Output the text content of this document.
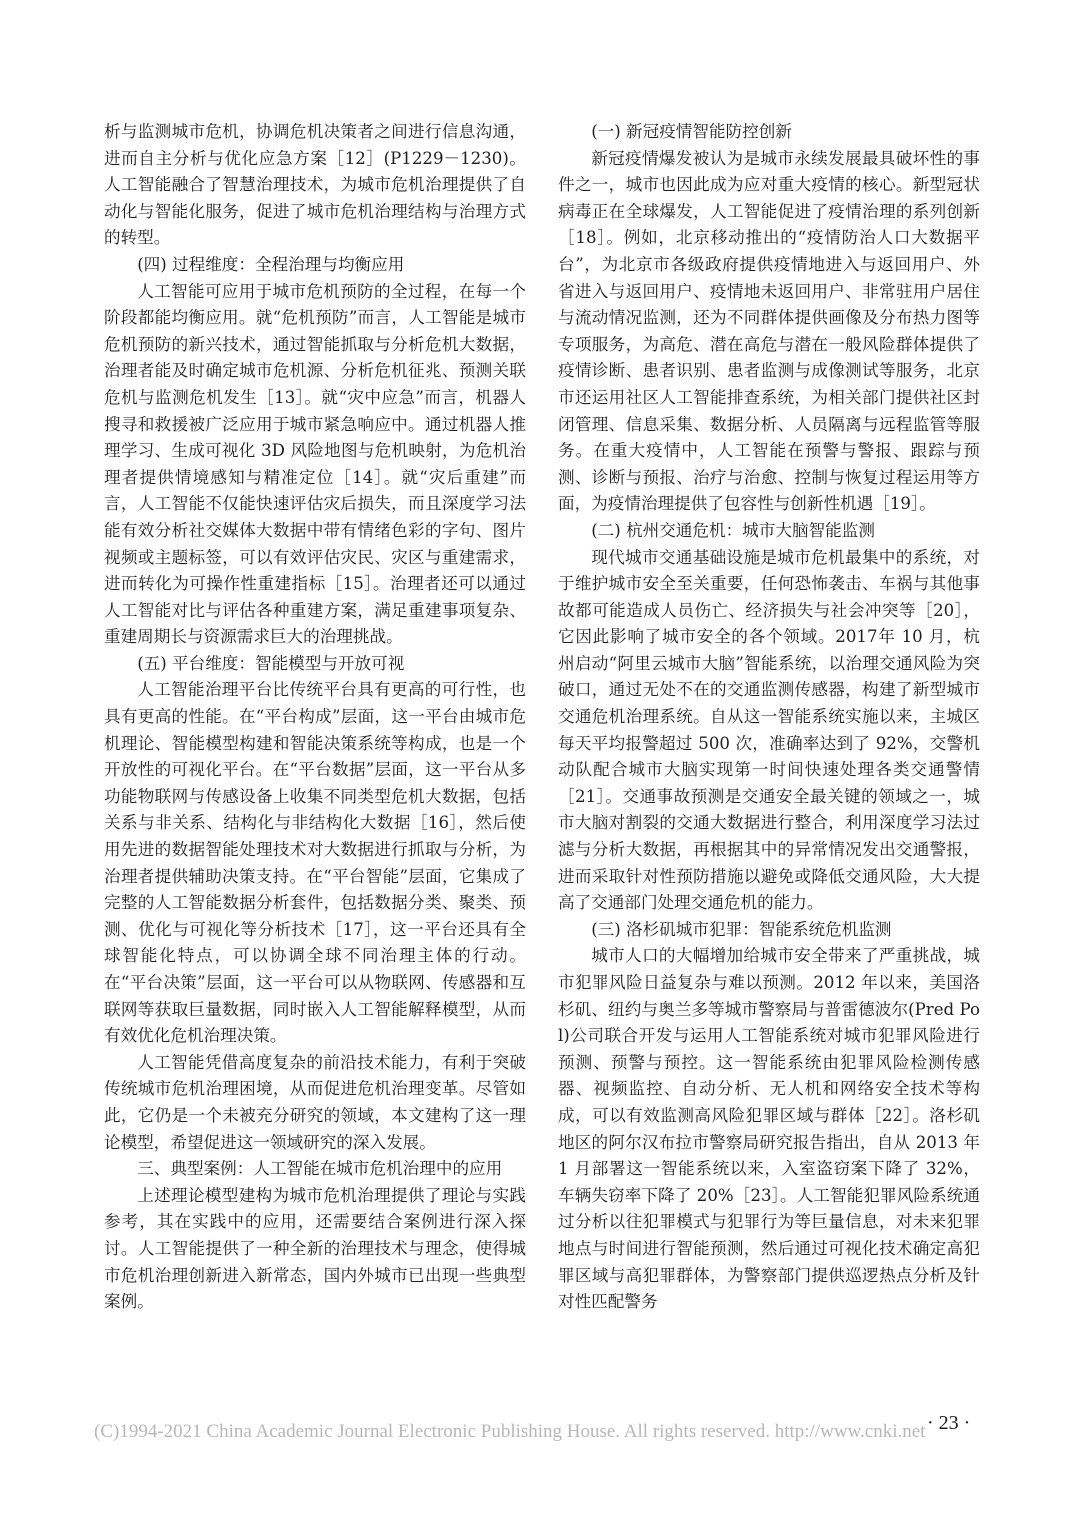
析与监测城市危机，协调危机决策者之间进行信息沟通，进而自主分析与优化应急方案［12］(P1229－1230)。人工智能融合了智慧治理技术，为城市危机治理提供了自动化与智能化服务，促进了城市危机治理结构与治理方式的转型。

(四) 过程维度：全程治理与均衡应用

人工智能可应用于城市危机预防的全过程，在每一个阶段都能均衡应用。就“危机预防”而言，人工智能是城市危机预防的新兴技术，通过智能抓取与分析危机大数据，治理者能及时确定城市危机源、分析危机征兆、预测关联危机与监测危机发生［13］。就“灾中应急”而言，机器人搜寻和救援被广泛应用于城市紧急响应中。通过机器人推理学习、生成可视化 3D 风险地图与危机映射，为危机治理者提供情境感知与精准定位［14］。就“灾后重建”而言，人工智能不仅能快速评估灾后损失，而且深度学习法能有效分析社交媒体大数据中带有情绪色彩的字句、图片视频或主题标签，可以有效评估灾民、灾区与重建需求，进而转化为可操作性重建指标［15］。治理者还可以通过人工智能对比与评估各种重建方案，满足重建事项复杂、重建周期长与资源需求巨大的治理挑战。

(五) 平台维度：智能模型与开放可视

人工智能治理平台比传统平台具有更高的可行性，也具有更高的性能。在“平台构成”层面，这一平台由城市危机理论、智能模型构建和智能决策系统等构成，也是一个开放性的可视化平台。在“平台数据”层面，这一平台从多功能物联网与传感设备上收集不同类型危机大数据，包括关系与非关系、结构化与非结构化大数据［16］，然后使用先进的数据智能处理技术对大数据进行抓取与分析，为治理者提供辅助决策支持。在“平台智能”层面，它集成了完整的人工智能数据分析套件，包括数据分类、聚类、预测、优化与可视化等分析技术［17］，这一平台还具有全球智能化特点，可以协调全球不同治理主体的行动。在“平台决策”层面，这一平台可以从物联网、传感器和互联网等获取巨量数据，同时嵌入人工智能解释模型，从而有效优化危机治理决策。

人工智能凭借高度复杂的前沿技术能力，有利于突破传统城市危机治理困境，从而促进危机治理变革。尽管如此，它仍是一个未被充分研究的领域，本文建构了这一理论模型，希望促进这一领域研究的深入发展。

三、典型案例：人工智能在城市危机治理中的应用

上述理论模型建构为城市危机治理提供了理论与实践参考，其在实践中的应用，还需要结合案例进行深入探讨。人工智能提供了一种全新的治理技术与理念，使得城市危机治理创新进入新常态，国内外城市已出现一些典型案例。

(一) 新冠疫情智能防控创新

新冠疫情爆发被认为是城市永续发展最具破坏性的事件之一，城市也因此成为应对重大疫情的核心。新型冠状病毒正在全球爆发，人工智能促进了疫情治理的系列创新［18］。例如，北京移动推出的“疫情防治人口大数据平台”，为北京市各级政府提供疫情地进入与返回用户、外省进入与返回用户、疫情地未返回用户、非常驻用户居住与流动情况监测，还为不同群体提供画像及分布热力图等专项服务，为高危、潜在高危与潜在一般风险群体提供了疫情诊断、患者识别、患者监测与成像测试等服务，北京市还运用社区人工智能排查系统，为相关部门提供社区封闭管理、信息采集、数据分析、人员隔离与远程监管等服务。在重大疫情中，人工智能在预警与警报、跟踪与预测、诊断与预报、治疗与治愈、控制与恢复过程运用等方面，为疫情治理提供了包容性与创新性机遇［19］。

(二) 杭州交通危机：城市大脑智能监测

现代城市交通基础设施是城市危机最集中的系统，对于维护城市安全至关重要，任何恐怖袭击、车祸与其他事故都可能造成人员伤亡、经济损失与社会冲突等［20］，它因此影响了城市安全的各个领域。2017年 10 月，杭州启动“阿里云城市大脑”智能系统，以治理交通风险为突破口，通过无处不在的交通监测传感器，构建了新型城市交通危机治理系统。自从这一智能系统实施以来，主城区每天平均报警超过 500 次，准确率达到了 92%，交警机动队配合城市大脑实现第一时间快速处理各类交通警情［21］。交通事故预测是交通安全最关键的领域之一，城市大脑对割裂的交通大数据进行整合，利用深度学习法过滤与分析大数据，再根据其中的异常情况发出交通警报，进而采取针对性预防措施以避免或降低交通风险，大大提高了交通部门处理交通危机的能力。

(三) 洛杉矶城市犯罪：智能系统危机监测

城市人口的大幅增加给城市安全带来了严重挑战，城市犯罪风险日益复杂与难以预测。2012 年以来，美国洛杉矶、纽约与奥兰多等城市警察局与普雷德波尔(Pred Pol)公司联合开发与运用人工智能系统对城市犯罪风险进行预测、预警与预控。这一智能系统由犯罪风险检测传感器、视频监控、自动分析、无人机和网络安全技术等构成，可以有效监测高风险犯罪区域与群体［22］。洛杉矶地区的阿尔汉布拉市警察局研究报告指出，自从 2013 年 1 月部署这一智能系统以来，入室盗窃案下降了 32%，车辆失窃率下降了 20%［23］。人工智能犯罪风险系统通过分析以往犯罪模式与犯罪行为等巨量信息，对未来犯罪地点与时间进行智能预测，然后通过可视化技术确定高犯罪区域与高犯罪群体，为警察部门提供巡逻热点分析及针对性匹配警务

(C)1994-2021 China Academic Journal Electronic Publishing House. All rights reserved. http://www.cnki.net · 23 ·
